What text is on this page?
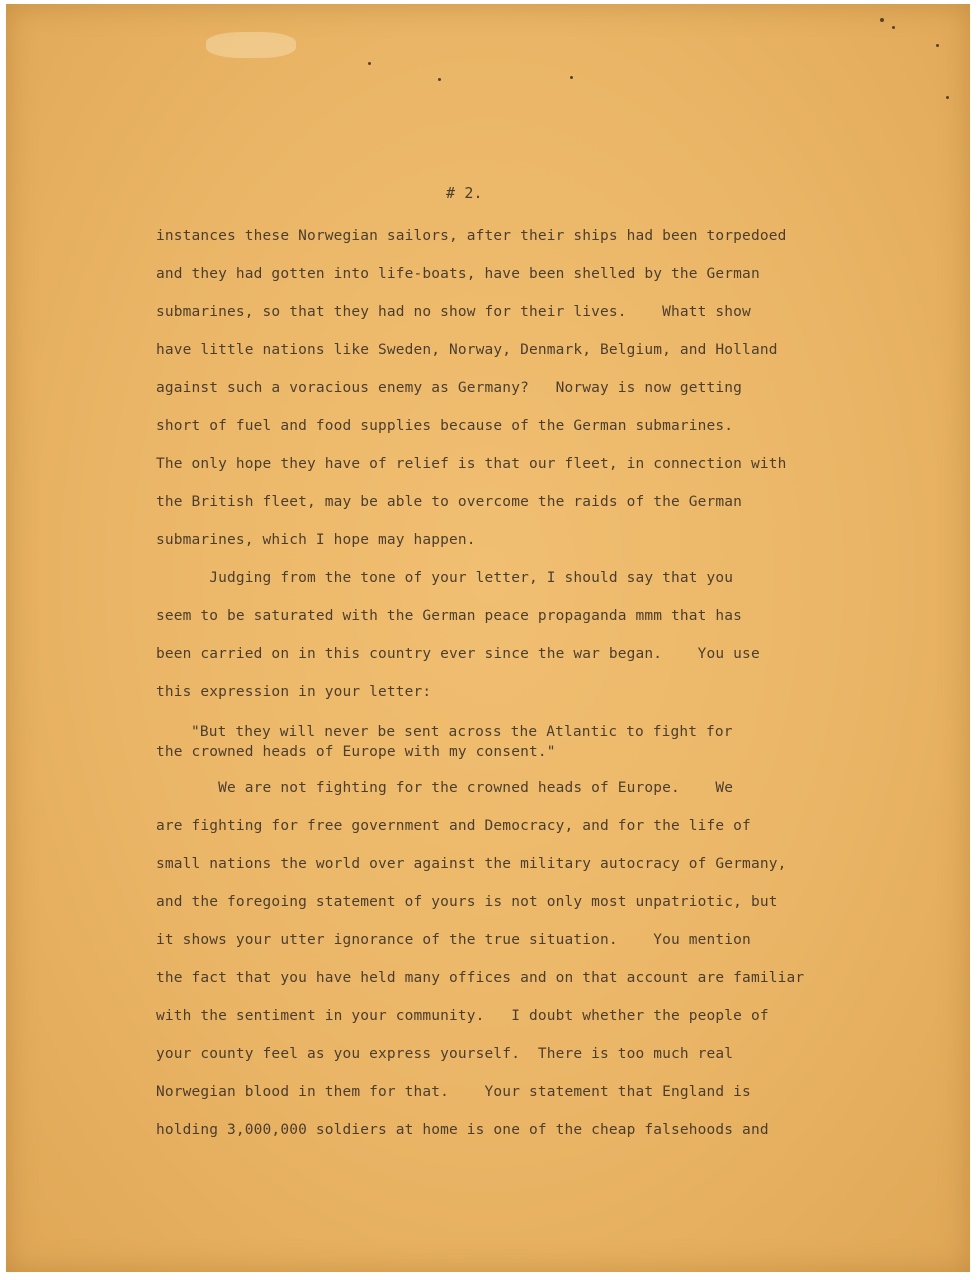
# 2.
instances these Norwegian sailors, after their ships had been torpedoed
and they had gotten into life-boats, have been shelled by the German
submarines, so that they had no show for their lives.    Whatt show
have little nations like Sweden, Norway, Denmark, Belgium, and Holland
against such a voracious enemy as Germany?   Norway is now getting
short of fuel and food supplies because of the German submarines.
The only hope they have of relief is that our fleet, in connection with
the British fleet, may be able to overcome the raids of the German
submarines, which I hope may happen.
Judging from the tone of your letter, I should say that you
seem to be saturated with the German peace propaganda mmm that has
been carried on in this country ever since the war began.    You use
this expression in your letter:
"But they will never be sent across the Atlantic to fight for
the crowned heads of Europe with my consent."
We are not fighting for the crowned heads of Europe.    We
are fighting for free government and Democracy, and for the life of
small nations the world over against the military autocracy of Germany,
and the foregoing statement of yours is not only most unpatriotic, but
it shows your utter ignorance of the true situation.    You mention
the fact that you have held many offices and on that account are familiar
with the sentiment in your community.   I doubt whether the people of
your county feel as you express yourself.  There is too much real
Norwegian blood in them for that.    Your statement that England is
holding 3,000,000 soldiers at home is one of the cheap falsehoods and
